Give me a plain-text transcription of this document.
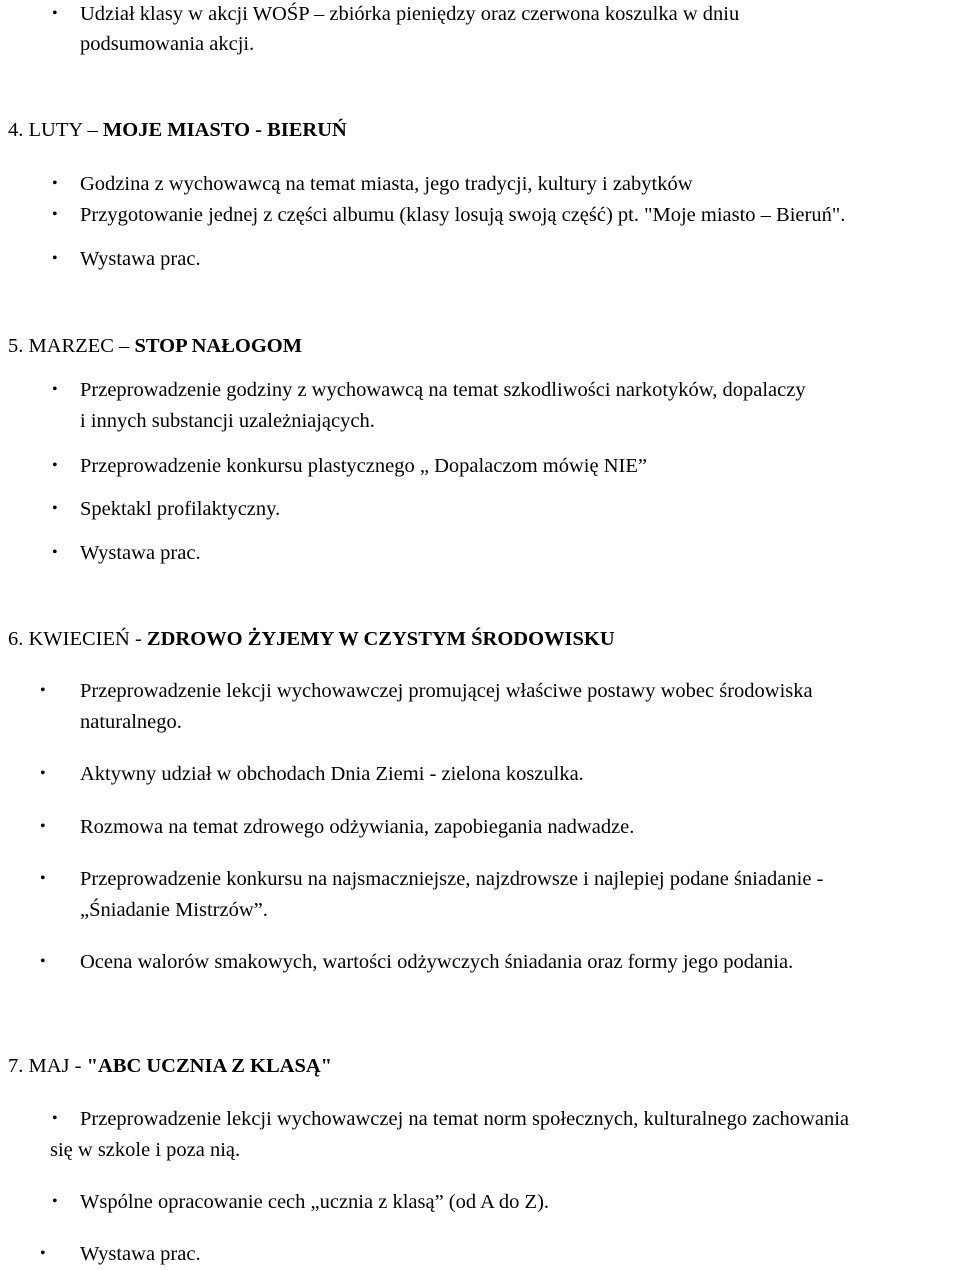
• Udział klasy w akcji WOŚP – zbiórka pieniędzy oraz czerwona koszulka w dniu
podsumowania akcji.
4. LUTY – MOJE MIASTO - BIERUŃ
• Godzina z wychowawcą na temat miasta, jego tradycji, kultury i zabytków
• Przygotowanie jednej z części albumu (klasy losują swoją część) pt. "Moje miasto – Bieruń".
• Wystawa prac.
5. MARZEC – STOP NAŁOGOM
• Przeprowadzenie godziny z wychowawcą na temat szkodliwości narkotyków, dopalaczy
i innych substancji uzależniających.
• Przeprowadzenie konkursu plastycznego „ Dopalaczom mówię NIE”
• Spektakl profilaktyczny.
• Wystawa prac.
6. KWIECIEŃ - ZDROWO ŻYJEMY W CZYSTYM ŚRODOWISKU
• Przeprowadzenie lekcji wychowawczej promującej właściwe postawy wobec środowiska
naturalnego.
• Aktywny udział w obchodach Dnia Ziemi - zielona koszulka.
• Rozmowa na temat zdrowego odżywiania, zapobiegania nadwadze.
• Przeprowadzenie konkursu na najsmaczniejsze, najzdrowsze i najlepiej podane śniadanie -
„Śniadanie Mistrzów”.
• Ocena walorów smakowych, wartości odżywczych śniadania oraz formy jego podania.
7. MAJ - "ABC UCZNIA Z KLASĄ"
• Przeprowadzenie lekcji wychowawczej na temat norm społecznych, kulturalnego zachowania
się w szkole i poza nią.
• Wspólne opracowanie cech „ucznia z klasą” (od A do Z).
• Wystawa prac.
